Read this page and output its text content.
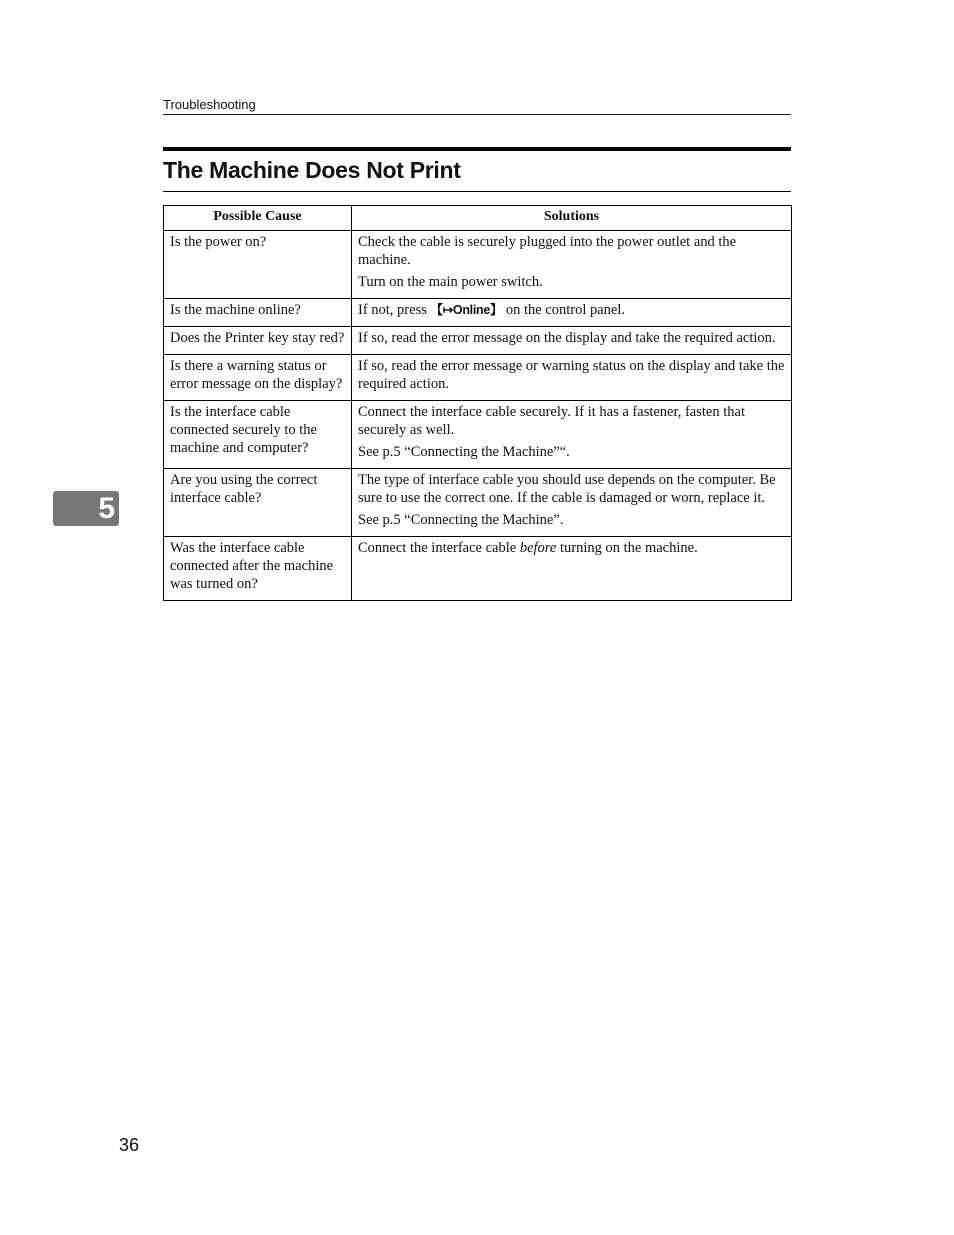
Troubleshooting
The Machine Does Not Print
Possible Cause	Solutions
Is the power on?	Check the cable is securely plugged into the power outlet and the machine.
Turn on the main power switch.

Is the machine online?	If not, press 【↦Online】 on the control panel.
Does the Printer key stay red?	If so, read the error message on the display and take the required action.

Is there a warning status or error message on the display?	If so, read the error message or warning status on the display and take the required action.

Is the interface cable connected securely to the machine and computer?	Connect the interface cable securely. If it has a fastener, fasten that securely as well.
See p.5 “Connecting the Machine”“.

Are you using the correct interface cable?	The type of interface cable you should use depends on the computer. Be sure to use the correct one. If the cable is damaged or worn, replace it.
See p.5 “Connecting the Machine”.

Was the interface cable connected after the machine was turned on?	Connect the interface cable before turning on the machine.
5
36
